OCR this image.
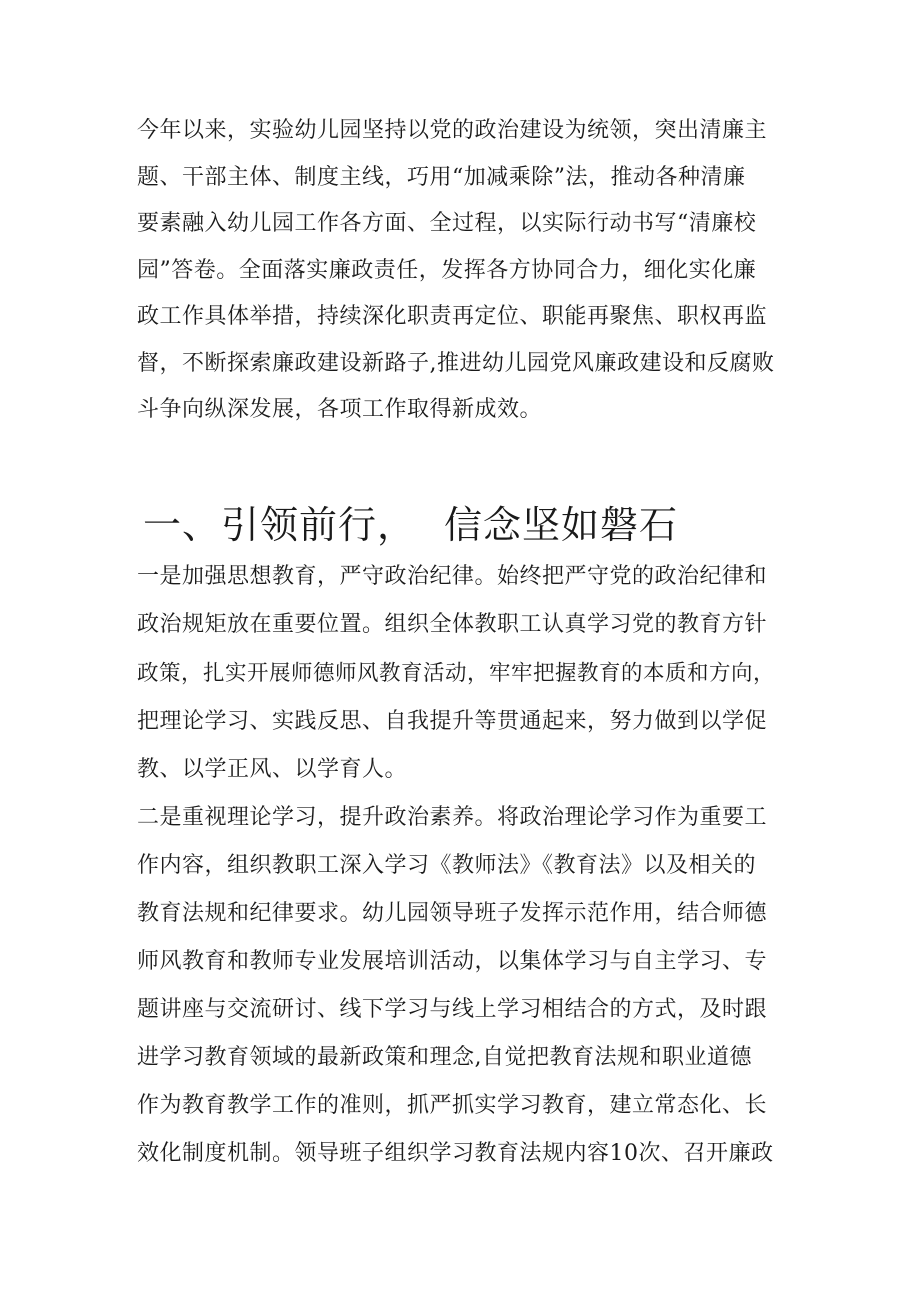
今年以来，实验幼儿园坚持以党的政治建设为统领，突出清廉主
题、干部主体、制度主线，巧用“加减乘除”法，推动各种清廉
要素融入幼儿园工作各方面、全过程，以实际行动书写“清廉校
园”答卷。全面落实廉政责任，发挥各方协同合力，细化实化廉
政工作具体举措，持续深化职责再定位、职能再聚焦、职权再监
督，不断探索廉政建设新路子,推进幼儿园党风廉政建设和反腐败
斗争向纵深发展，各项工作取得新成效。
一、引领前行， 信念坚如磐石
一是加强思想教育，严守政治纪律。始终把严守党的政治纪律和
政治规矩放在重要位置。组织全体教职工认真学习党的教育方针
政策，扎实开展师德师风教育活动，牢牢把握教育的本质和方向，
把理论学习、实践反思、自我提升等贯通起来，努力做到以学促
教、以学正风、以学育人。
二是重视理论学习，提升政治素养。将政治理论学习作为重要工
作内容，组织教职工深入学习《教师法》《教育法》以及相关的
教育法规和纪律要求。幼儿园领导班子发挥示范作用，结合师德
师风教育和教师专业发展培训活动，以集体学习与自主学习、专
题讲座与交流研讨、线下学习与线上学习相结合的方式，及时跟
进学习教育领域的最新政策和理念,自觉把教育法规和职业道德
作为教育教学工作的准则，抓严抓实学习教育，建立常态化、长
效化制度机制。领导班子组织学习教育法规内容10次、召开廉政
